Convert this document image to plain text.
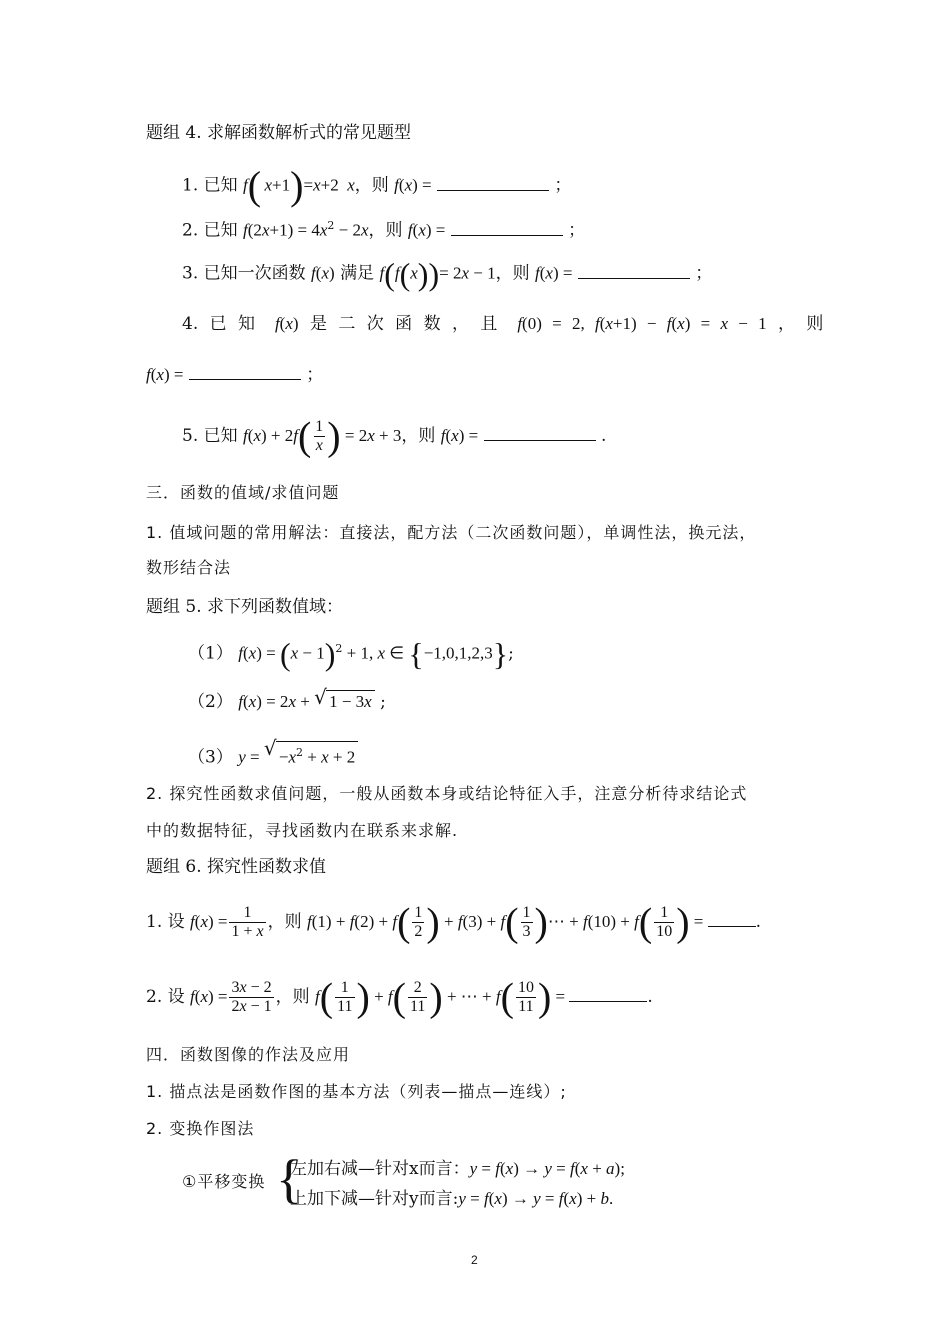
题组 4. 求解函数解析式的常见题型
1. 已知 f(  x+1)=x+2  x，则 f(x) =	；
2. 已知 $f(2x+1) = 4x^2 - 2x$，则 f(x) =	；
3. 已知一次函数 f(x) 满足 f(f(x))= 2x − 1，则 f(x) =	；
4. 已 知  f(x) 是 二 次 函 数 ， 且  f(0) = 2, f(x+1) − f(x) = x − 1 ， 则
f(x) =	；
5. 已知 $f(x) + 2f( \frac{1}{x}$ ) = 2x + 3，则 f(x) =	.
三．函数的值域/求值问题
1. 值域问题的常用解法：直接法，配方法（二次函数问题），单调性法，换元法，
数形结合法
题组 5. 求下列函数值域：
（1） $f(x) = (x - 1)^2 + 1$, x ∈ {−1,0,1,2,3};
（2） f(x) = 2x + √ 1 − 3x ;
（3） y = √ $-x^2 + x + 2$
2. 探究性函数求值问题，一般从函数本身或结论特征入手，注意分析待求结论式
中的数据特征，寻找函数内在联系来求解.
题组 6. 探究性函数求值
1. 设 $f(x) = \frac{1}{1 + x}$ ，则 $f(1) + f(2) + f( \frac{1}{2}$ ) + $f(3) + f( \frac{1}{3}$ )⋯ + $f(10) + f( \frac{1}{10}$ ) =	.
2. 设 $f(x) = \frac{3x - 2}{2x - 1}$ ，则 $f( \frac{1}{11}$ ) + $f( \frac{2}{11}$ ) + ⋯ + $f( \frac{10}{11}$ ) =	.
四．函数图像的作法及应用
1. 描点法是函数作图的基本方法（列表—描点—连线）;
2. 变换作图法
①平移变换 {
左加右减—针对x而言：y = f(x) → y = f(x + a);
上加下减—针对y而言:y = f(x) → y = f(x) + b.
2
